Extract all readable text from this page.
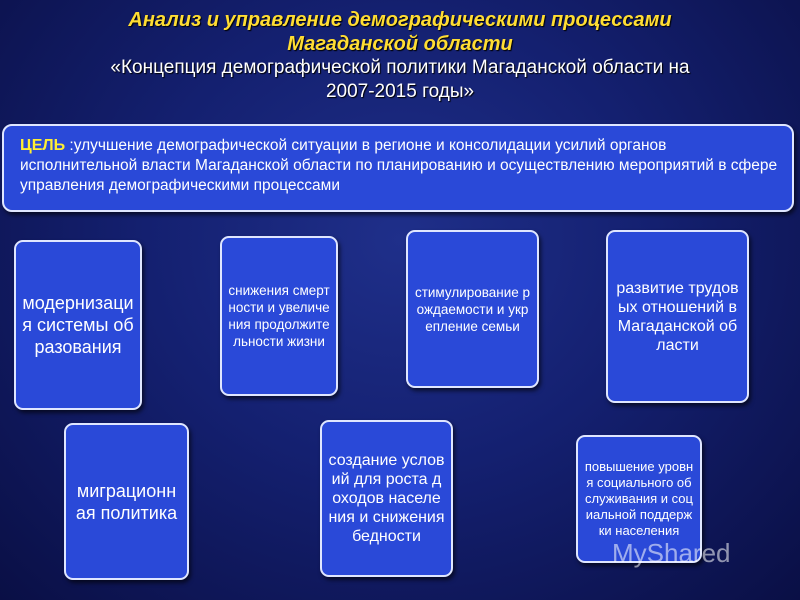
Анализ и управление демографическими процессами
Магаданской области
«Концепция демографической политики Магаданской области на
2007-2015 годы»
ЦЕЛЬ :улучшение демографической ситуации в регионе и консолидации усилий органов исполнительной власти Магаданской области по планированию и осуществлению мероприятий в сфере управления демографическими процессами
модернизация системы образования
снижения смертности и увеличения продолжительности жизни
стимулирование рождаемости и укрепление семьи
развитие трудовых отношений в Магаданской области
миграционная политика
создание условий для роста доходов населения и снижения бедности
повышение уровня социального обслуживания и социальной поддержки населения
MyShared
